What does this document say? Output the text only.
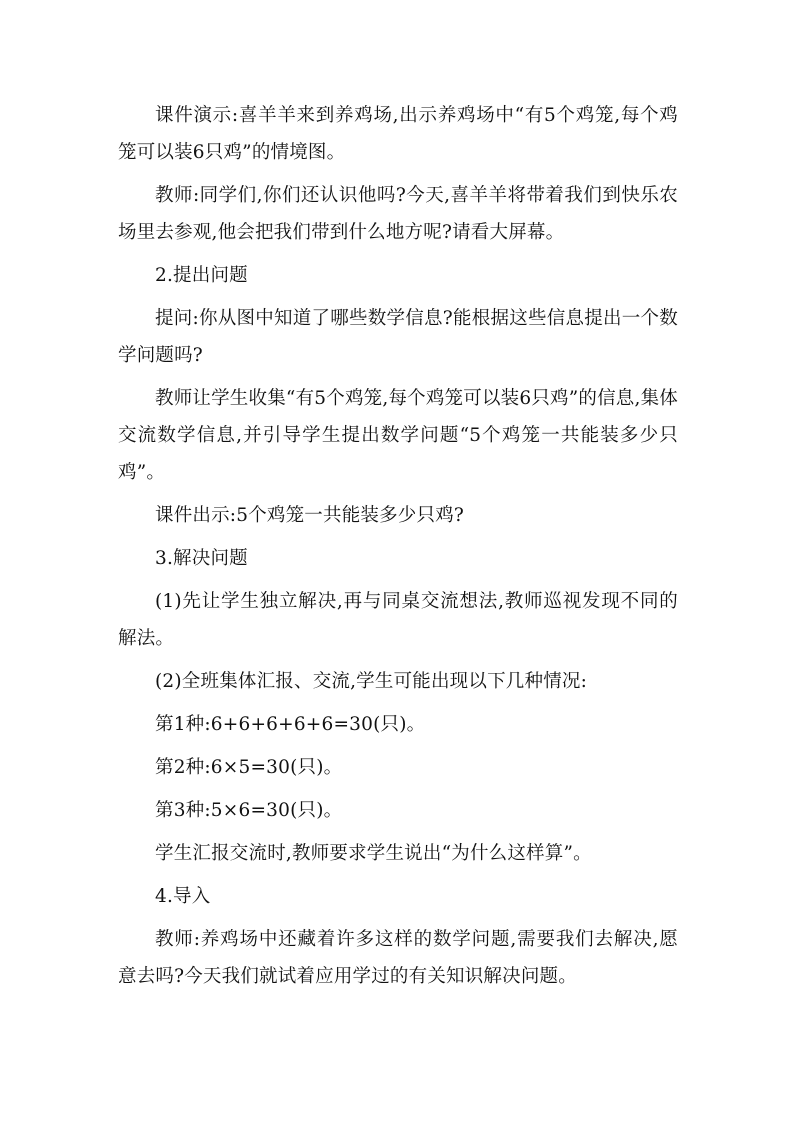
课件演示:喜羊羊来到养鸡场,出示养鸡场中“有5个鸡笼,每个鸡笼可以装6只鸡”的情境图。

教师:同学们,你们还认识他吗?今天,喜羊羊将带着我们到快乐农场里去参观,他会把我们带到什么地方呢?请看大屏幕。

2.提出问题

提问:你从图中知道了哪些数学信息?能根据这些信息提出一个数学问题吗?

教师让学生收集“有5个鸡笼,每个鸡笼可以装6只鸡”的信息,集体交流数学信息,并引导学生提出数学问题“5个鸡笼一共能装多少只鸡”。

课件出示:5个鸡笼一共能装多少只鸡?

3.解决问题

(1)先让学生独立解决,再与同桌交流想法,教师巡视发现不同的解法。

(2)全班集体汇报、交流,学生可能出现以下几种情况:

第1种:6+6+6+6+6=30(只)。

第2种:6×5=30(只)。

第3种:5×6=30(只)。

学生汇报交流时,教师要求学生说出“为什么这样算”。

4.导入

教师:养鸡场中还藏着许多这样的数学问题,需要我们去解决,愿意去吗?今天我们就试着应用学过的有关知识解决问题。
